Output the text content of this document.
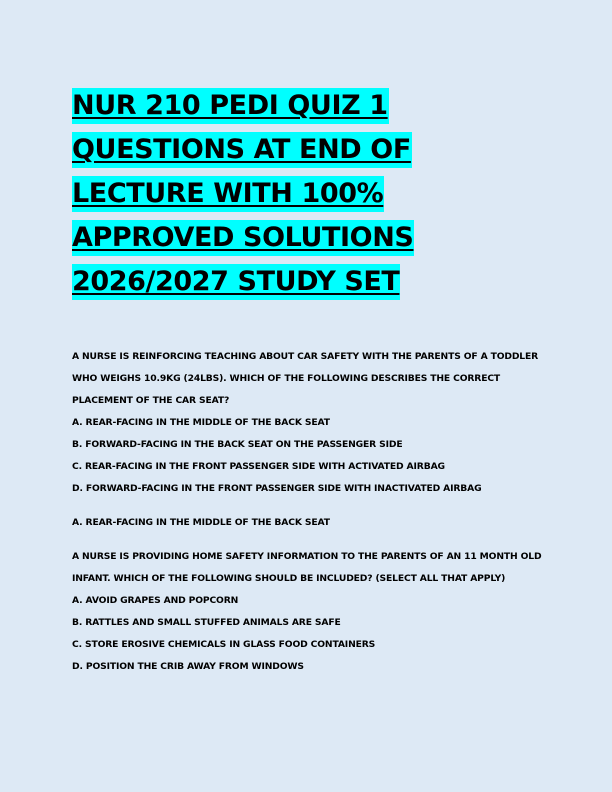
NUR 210 PEDI QUIZ 1
QUESTIONS AT END OF
LECTURE WITH 100%
APPROVED SOLUTIONS
2026/2027 STUDY SET
A NURSE IS REINFORCING TEACHING ABOUT CAR SAFETY WITH THE PARENTS OF A TODDLER
WHO WEIGHS 10.9KG (24LBS). WHICH OF THE FOLLOWING DESCRIBES THE CORRECT
PLACEMENT OF THE CAR SEAT?
A. REAR-FACING IN THE MIDDLE OF THE BACK SEAT
B. FORWARD-FACING IN THE BACK SEAT ON THE PASSENGER SIDE
C. REAR-FACING IN THE FRONT PASSENGER SIDE WITH ACTIVATED AIRBAG
D. FORWARD-FACING IN THE FRONT PASSENGER SIDE WITH INACTIVATED AIRBAG
A. REAR-FACING IN THE MIDDLE OF THE BACK SEAT
A NURSE IS PROVIDING HOME SAFETY INFORMATION TO THE PARENTS OF AN 11 MONTH OLD
INFANT. WHICH OF THE FOLLOWING SHOULD BE INCLUDED? (SELECT ALL THAT APPLY)
A. AVOID GRAPES AND POPCORN
B. RATTLES AND SMALL STUFFED ANIMALS ARE SAFE
C. STORE EROSIVE CHEMICALS IN GLASS FOOD CONTAINERS
D. POSITION THE CRIB AWAY FROM WINDOWS
